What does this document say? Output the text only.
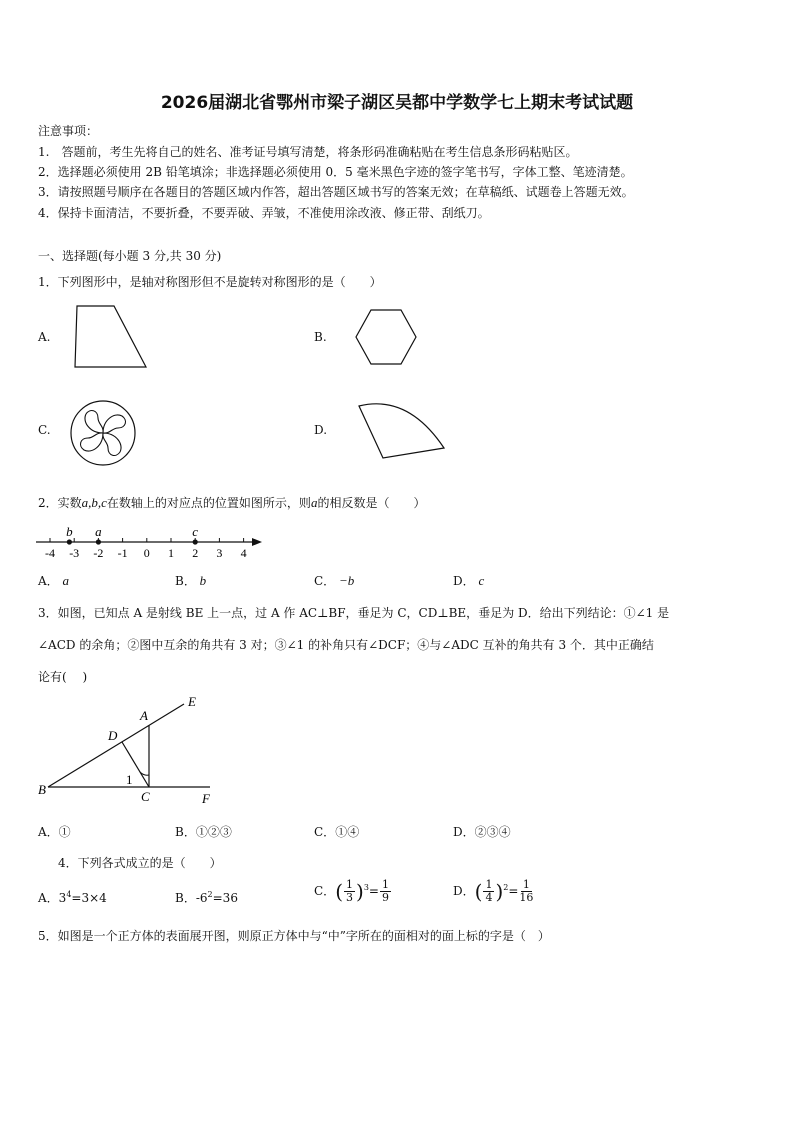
2026届湖北省鄂州市梁子湖区吴都中学数学七上期末考试试题
注意事项：
1.　答题前，考生先将自己的姓名、准考证号填写清楚，将条形码准确粘贴在考生信息条形码粘贴区。
2．选择题必须使用 2B 铅笔填涂；非选择题必须使用 0．5 毫米黑色字迹的签字笔书写，字体工整、笔迹清楚。
3．请按照题号顺序在各题目的答题区域内作答，超出答题区域书写的答案无效；在草稿纸、试题卷上答题无效。
4．保持卡面清洁，不要折叠，不要弄破、弄皱，不准使用涂改液、修正带、刮纸刀。
一、选择题(每小题 3 分,共 30 分)
1．下列图形中，是轴对称图形但不是旋转对称图形的是（　　）
A.	B.
C.	D.
2．实数a,b,c在数轴上的对应点的位置如图所示，则a的相反数是（　　）
-4 -3 -2 -1 0 1 2 3 4
b a	c
A． a	B． b	C． −b	D． c
3．如图，已知点 A 是射线 BE 上一点，过 A 作 AC⊥BF，垂足为 C，CD⊥BE，垂足为 D．给出下列结论：①∠1 是
∠ACD 的余角；②图中互余的角共有 3 对；③∠1 的补角只有∠DCF；④与∠ADC 互补的角共有 3 个．其中正确结
论有(　 )
E
A
D
1
B	C	F
A．①	B．①②③	C．①④	D．②③④
4．下列各式成立的是（　　）
A．$3^4=3\times 4$	B．$-6^2=36$	C．( $\frac{1}{3} )^3= \frac{1}{9}$	D．( $\frac{1}{4} )^2= \frac{1}{16}$
5．如图是一个正方体的表面展开图，则原正方体中与“中”字所在的面相对的面上标的字是（　）
